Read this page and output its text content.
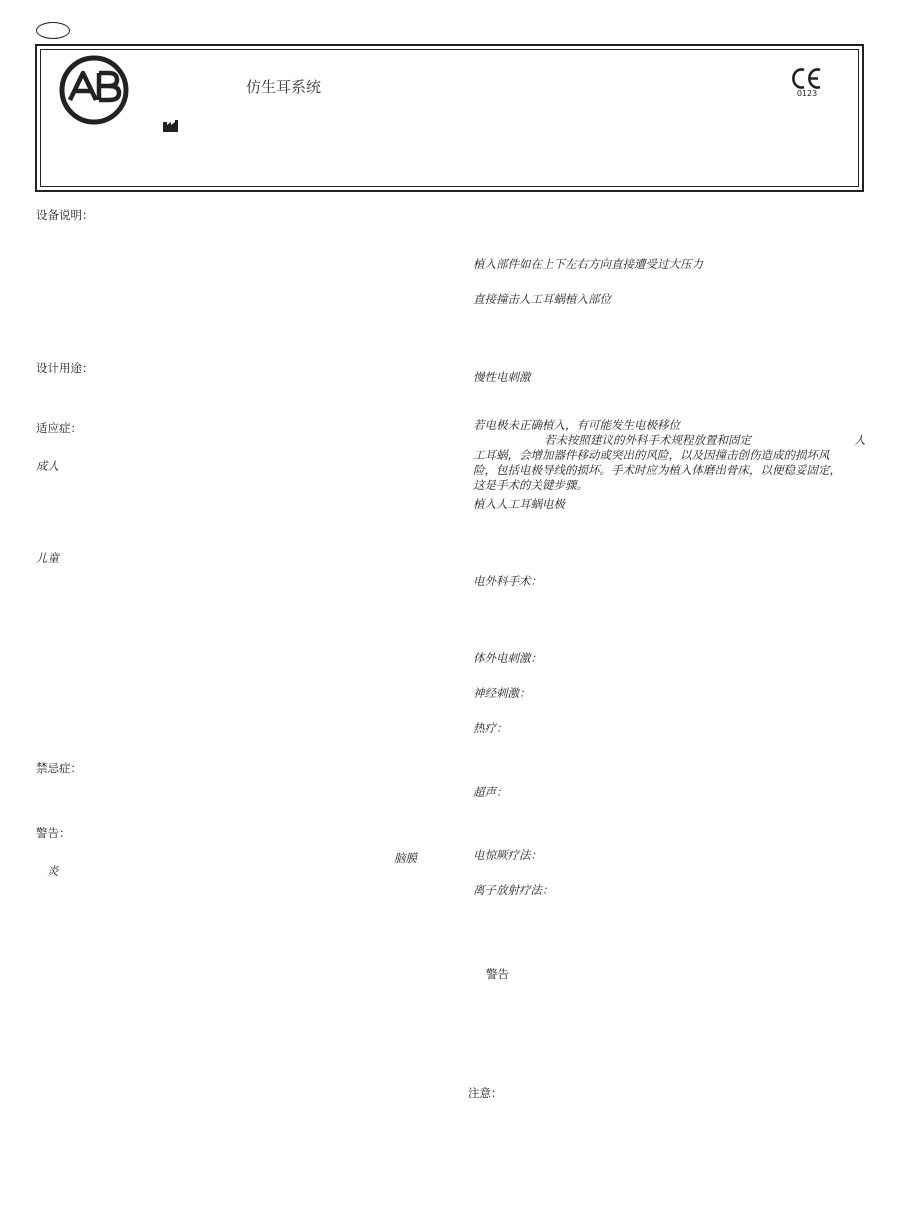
仿生耳系统	0123
设备说明：
设计用途：
适应症：
成人
儿童
禁忌症：
警告：
脑膜
炎
植入部件如在上下左右方向直接遭受过大压力
直接撞击人工耳蜗植入部位
慢性电刺激
若电极未正确植入，有可能发生电极移位
若未按照建议的外科手术规程放置和固定	人
工耳蜗，会增加器件移动或突出的风险，以及因撞击创伤造成的损坏风
险，包括电极导线的损坏。手术时应为植入体磨出骨床，以便稳妥固定，
这是手术的关键步骤。
植入人工耳蜗电极
电外科手术：
体外电刺激：
神经刺激：
热疗：
超声：
电惊厥疗法：
离子放射疗法：
警告
注意：
